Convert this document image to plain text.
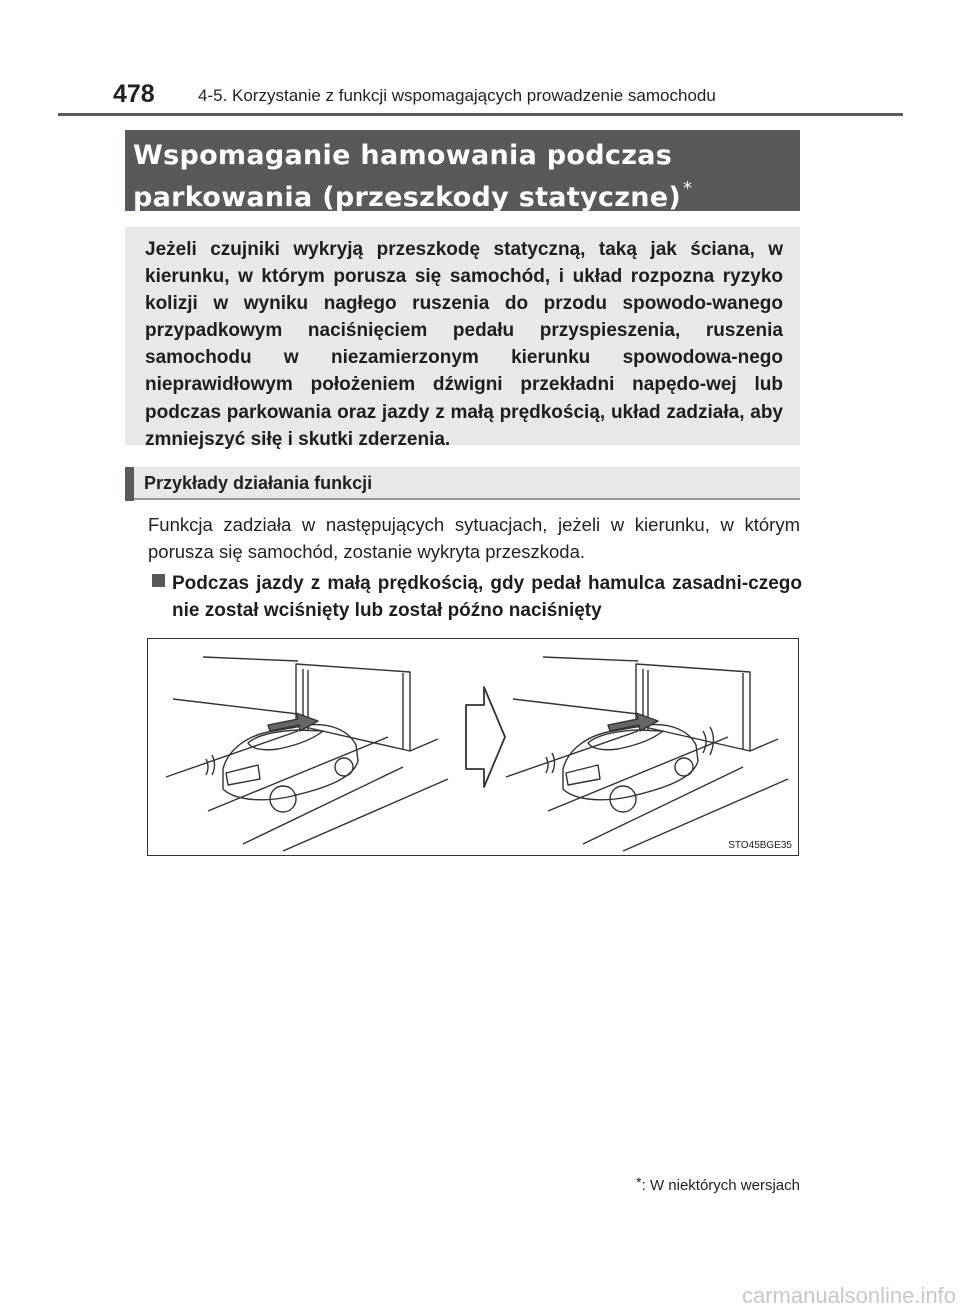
478	4-5. Korzystanie z funkcji wspomagających prowadzenie samochodu
Wspomaganie hamowania podczas
parkowania (przeszkody statyczne) *
Jeżeli czujniki wykryją przeszkodę statyczną, taką jak ściana, w kierunku, w którym porusza się samochód, i układ rozpozna ryzyko kolizji w wyniku nagłego ruszenia do przodu spowodo-wanego przypadkowym naciśnięciem pedału przyspieszenia, ruszenia samochodu w niezamierzonym kierunku spowodowa-nego nieprawidłowym położeniem dźwigni przekładni napędo-wej lub podczas parkowania oraz jazdy z małą prędkością, układ zadziała, aby zmniejszyć siłę i skutki zderzenia.
Przykłady działania funkcji
Funkcja zadziała w następujących sytuacjach, jeżeli w kierunku, w którym porusza się samochód, zostanie wykryta przeszkoda.
Podczas jazdy z małą prędkością, gdy pedał hamulca zasadni-czego nie został wciśnięty lub został późno naciśnięty
STO45BGE35
*: W niektórych wersjach
carmanualsonline.info
